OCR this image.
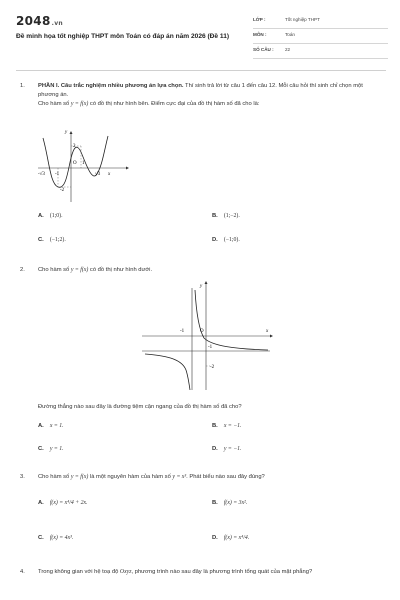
2048.vn
Đề minh họa tốt nghiệp THPT môn Toán có đáp án năm 2026 (Đề 11)
LỚP :	Tốt nghiệp THPT
MÔN :	Toán
SỐ CÂU : 22
1. PHẦN I. Câu trắc nghiệm nhiều phương án lựa chọn. Thí sinh trả lời từ câu 1 đến câu 12. Mỗi câu hỏi thí sinh chỉ chọn một phương án.
Cho hàm số y = f(x) có đồ thị như hình bên. Điểm cực đại của đồ thị hàm số đã cho là:
y
2
O 1
-√3 -1	√3 x
-2
A. (1;0).	B. (1;−2).
C. (−1;2).	D. (−1;0).
2. Cho hàm số y = f(x) có đồ thị như hình dưới.
y
-1	O
-1
-2
x
Đường thẳng nào sau đây là đường tiệm cận ngang của đồ thị hàm số đã cho?
A. x = 1.	B. x = −1.
C. y = 1.	D. y = −1.
3. Cho hàm số y = f(x) là một nguyên hàm của hàm số y = x³. Phát biểu nào sau đây đúng?
A. f(x) = x⁴/4 + 2x.	B. f(x) = 3x².
C. f(x) = 4x³.	D. f(x) = x⁴/4.
4. Trong không gian với hệ toạ độ Oxyz, phương trình nào sau đây là phương trình tổng quát của mặt phẳng?
